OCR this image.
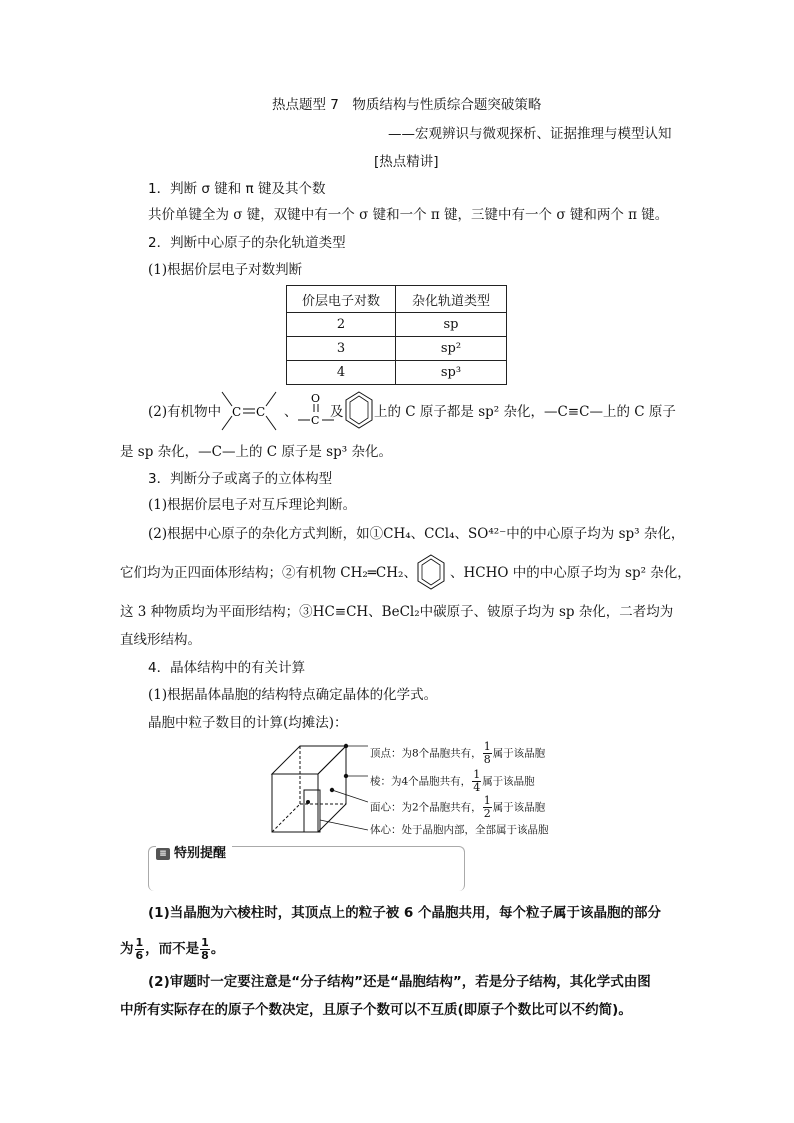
热点题型 7　物质结构与性质综合题突破策略
——宏观辨识与微观探析、证据推理与模型认知
[热点精讲]
1．判断 σ 键和 π 键及其个数
共价单键全为 σ 键，双键中有一个 σ 键和一个 π 键，三键中有一个 σ 键和两个 π 键。
2．判断中心原子的杂化轨道类型
(1)根据价层电子对数判断
价层电子对数	杂化轨道类型
2	sp
3	sp²
4	sp³
(2)有机物中 C C 、
O
C
及 上的 C 原子都是 sp² 杂化，—C≡C—上的 C 原子
是 sp 杂化，—C—上的 C 原子是 sp³ 杂化。
3．判断分子或离子的立体构型
(1)根据价层电子对互斥理论判断。
(2)根据中心原子的杂化方式判断，如①CH₄、CCl₄、SO⁴²⁻中的中心原子均为 sp³ 杂化，
它们均为正四面体形结构；②有机物 CH₂═CH₂、 、HCHO 中的中心原子均为 sp² 杂化，
这 3 种物质均为平面形结构；③HC≡CH、BeCl₂中碳原子、铍原子均为 sp 杂化，二者均为
直线形结构。
4．晶体结构中的有关计算
(1)根据晶体晶胞的结构特点确定晶体的化学式。
晶胞中粒子数目的计算(均摊法)：
顶点：为8个晶胞共有， $\frac{1}{8}$ 属于该晶胞
棱：为4个晶胞共有， $\frac{1}{4}$ 属于该晶胞
面心：为2个晶胞共有， $\frac{1}{2}$ 属于该晶胞
体心：处于晶胞内部，全部属于该晶胞
≡ 特别提醒
(1)当晶胞为六棱柱时，其顶点上的粒子被 6 个晶胞共用，每个粒子属于该晶胞的部分
为 $\frac{1}{6}$ ，而不是 $\frac{1}{8}$ 。
(2)审题时一定要注意是“分子结构”还是“晶胞结构”，若是分子结构，其化学式由图
中所有实际存在的原子个数决定，且原子个数可以不互质(即原子个数比可以不约简)。
